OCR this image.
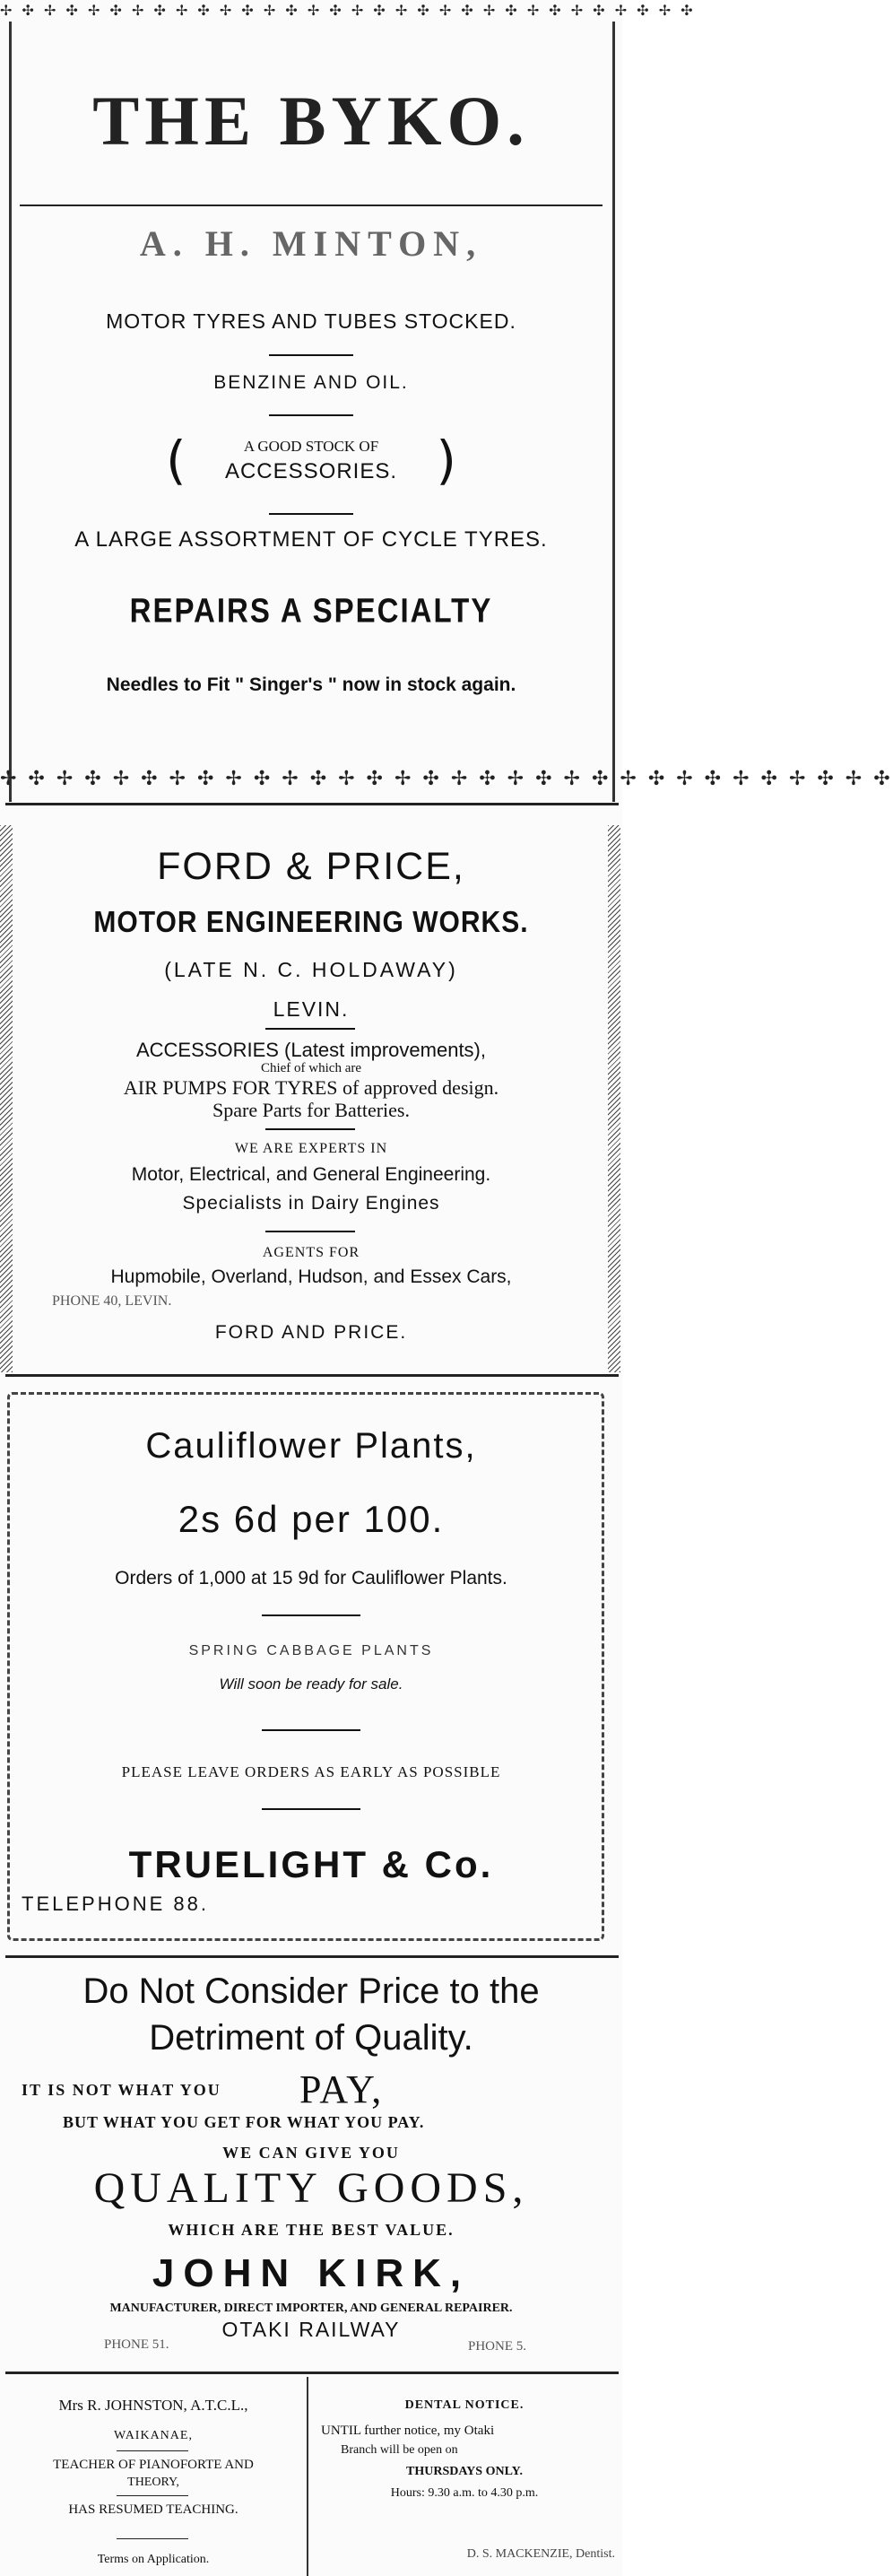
✢ ✣ ✢ ✣ ✢ ✣ ✢ ✣ ✢ ✣ ✢ ✣ ✢ ✣ ✢ ✣ ✢ ✣ ✢ ✣ ✢ ✣ ✢ ✣ ✢ ✣ ✢ ✣ ✢ ✣ ✢ ✣
THE BYKO.
A. H. MINTON,
MOTOR TYRES AND TUBES STOCKED.
BENZINE AND OIL.
(	A GOOD STOCK OF
ACCESSORIES. )
A LARGE ASSORTMENT OF CYCLE TYRES.
REPAIRS A SPECIALTY
Needles to Fit " Singer's " now in stock again.
✢ ✣ ✢ ✣ ✢ ✣ ✢ ✣ ✢ ✣ ✢ ✣ ✢ ✣ ✢ ✣ ✢ ✣ ✢ ✣ ✢ ✣ ✢ ✣ ✢ ✣ ✢ ✣ ✢ ✣ ✢ ✣
FORD & PRICE,
MOTOR ENGINEERING WORKS.
(LATE N. C. HOLDAWAY)
LEVIN.
ACCESSORIES (Latest improvements),
Chief of which are
AIR PUMPS FOR TYRES of approved design.
Spare Parts for Batteries.
WE ARE EXPERTS IN
Motor, Electrical, and General Engineering.
Specialists in Dairy Engines
AGENTS FOR
Hupmobile, Overland, Hudson, and Essex Cars,
PHONE 40, LEVIN.
FORD AND PRICE.
Cauliflower Plants,
2s 6d per 100.
Orders of 1,000 at 15 9d for Cauliflower Plants.
SPRING CABBAGE PLANTS
Will soon be ready for sale.
PLEASE LEAVE ORDERS AS EARLY AS POSSIBLE
TRUELIGHT & Co.
TELEPHONE 88.
Do Not Consider Price to the
Detriment of Quality.
IT IS NOT WHAT YOU	PAY,
BUT WHAT YOU GET FOR WHAT YOU PAY.
WE CAN GIVE YOU
QUALITY GOODS,
WHICH ARE THE BEST VALUE.
JOHN KIRK,
MANUFACTURER, DIRECT IMPORTER, AND GENERAL REPAIRER.
OTAKI RAILWAY
PHONE 51.	PHONE 5.
Mrs R. JOHNSTON, A.T.C.L.,
WAIKANAE,
TEACHER OF PIANOFORTE AND
THEORY,
HAS RESUMED TEACHING.
Terms on Application.
DENTAL NOTICE.
UNTIL further notice, my Otaki
Branch will be open on
THURSDAYS ONLY.
Hours: 9.30 a.m. to 4.30 p.m.
D. S. MACKENZIE, Dentist.
